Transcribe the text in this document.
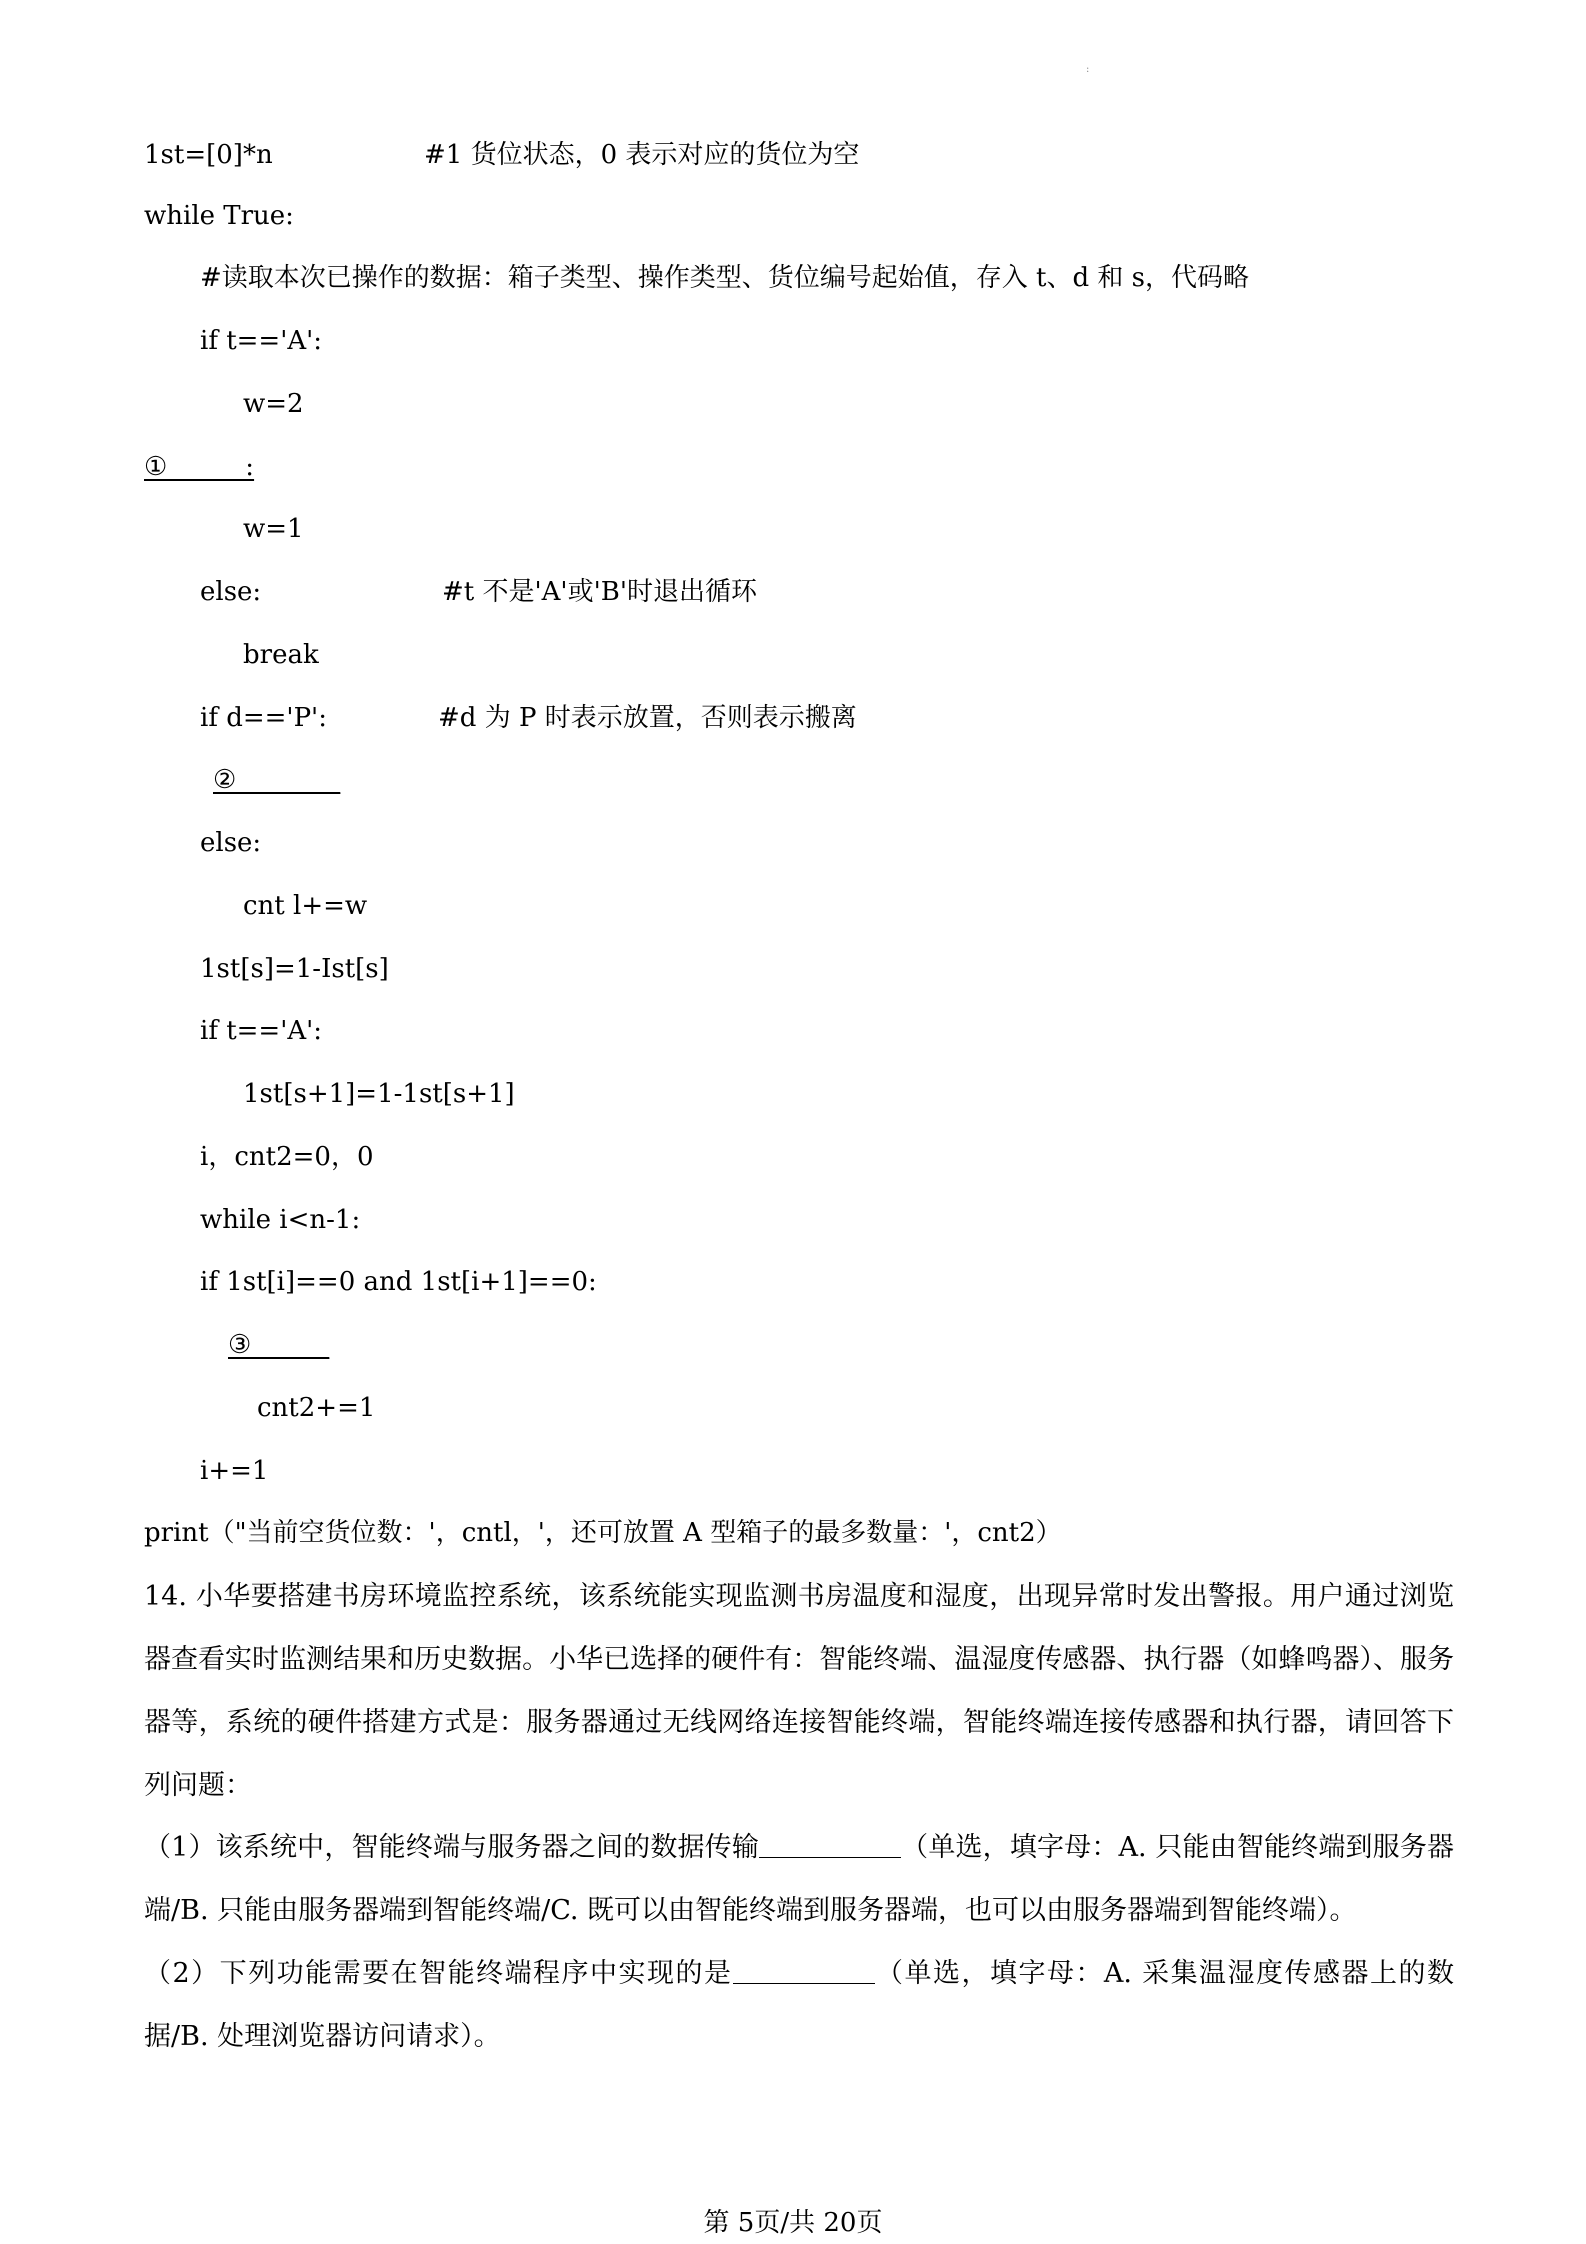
:
1st=[0]*n	#1 货位状态，0 表示对应的货位为空
while True:
#读取本次已操作的数据：箱子类型、操作类型、货位编号起始值，存入 t、d 和 s，代码略
if t=='A':
w=2
①______:
w=1
else:	#t 不是'A'或'B'时退出循环
break
if d=='P':	#d 为 P 时表示放置，否则表示搬离
②________
else:
cnt l+=w
1st[s]=1-Ist[s]
if t=='A':
1st[s+1]=1-1st[s+1]
i，cnt2=0，0
while i<n-1:
if 1st[i]==0 and 1st[i+1]==0:
③______
cnt2+=1
i+=1
print（"当前空货位数：'，cntl，'，还可放置 A 型箱子的最多数量：'，cnt2）
14. 小华要搭建书房环境监控系统，该系统能实现监测书房温度和湿度，出现异常时发出警报。用户通过浏览器查看实时监测结果和历史数据。小华已选择的硬件有：智能终端、温湿度传感器、执行器（如蜂鸣器）、服务器等，系统的硬件搭建方式是：服务器通过无线网络连接智能终端，智能终端连接传感器和执行器，请回答下列问题：
（1）该系统中，智能终端与服务器之间的数据传输	（单选，填字母：A. 只能由智能终端到服务器端/B. 只能由服务器端到智能终端/C. 既可以由智能终端到服务器端，也可以由服务器端到智能终端）。
（2）下列功能需要在智能终端程序中实现的是	（单选，填字母：A. 采集温湿度传感器上的数据/B. 处理浏览器访问请求）。
第 5页/共 20页
